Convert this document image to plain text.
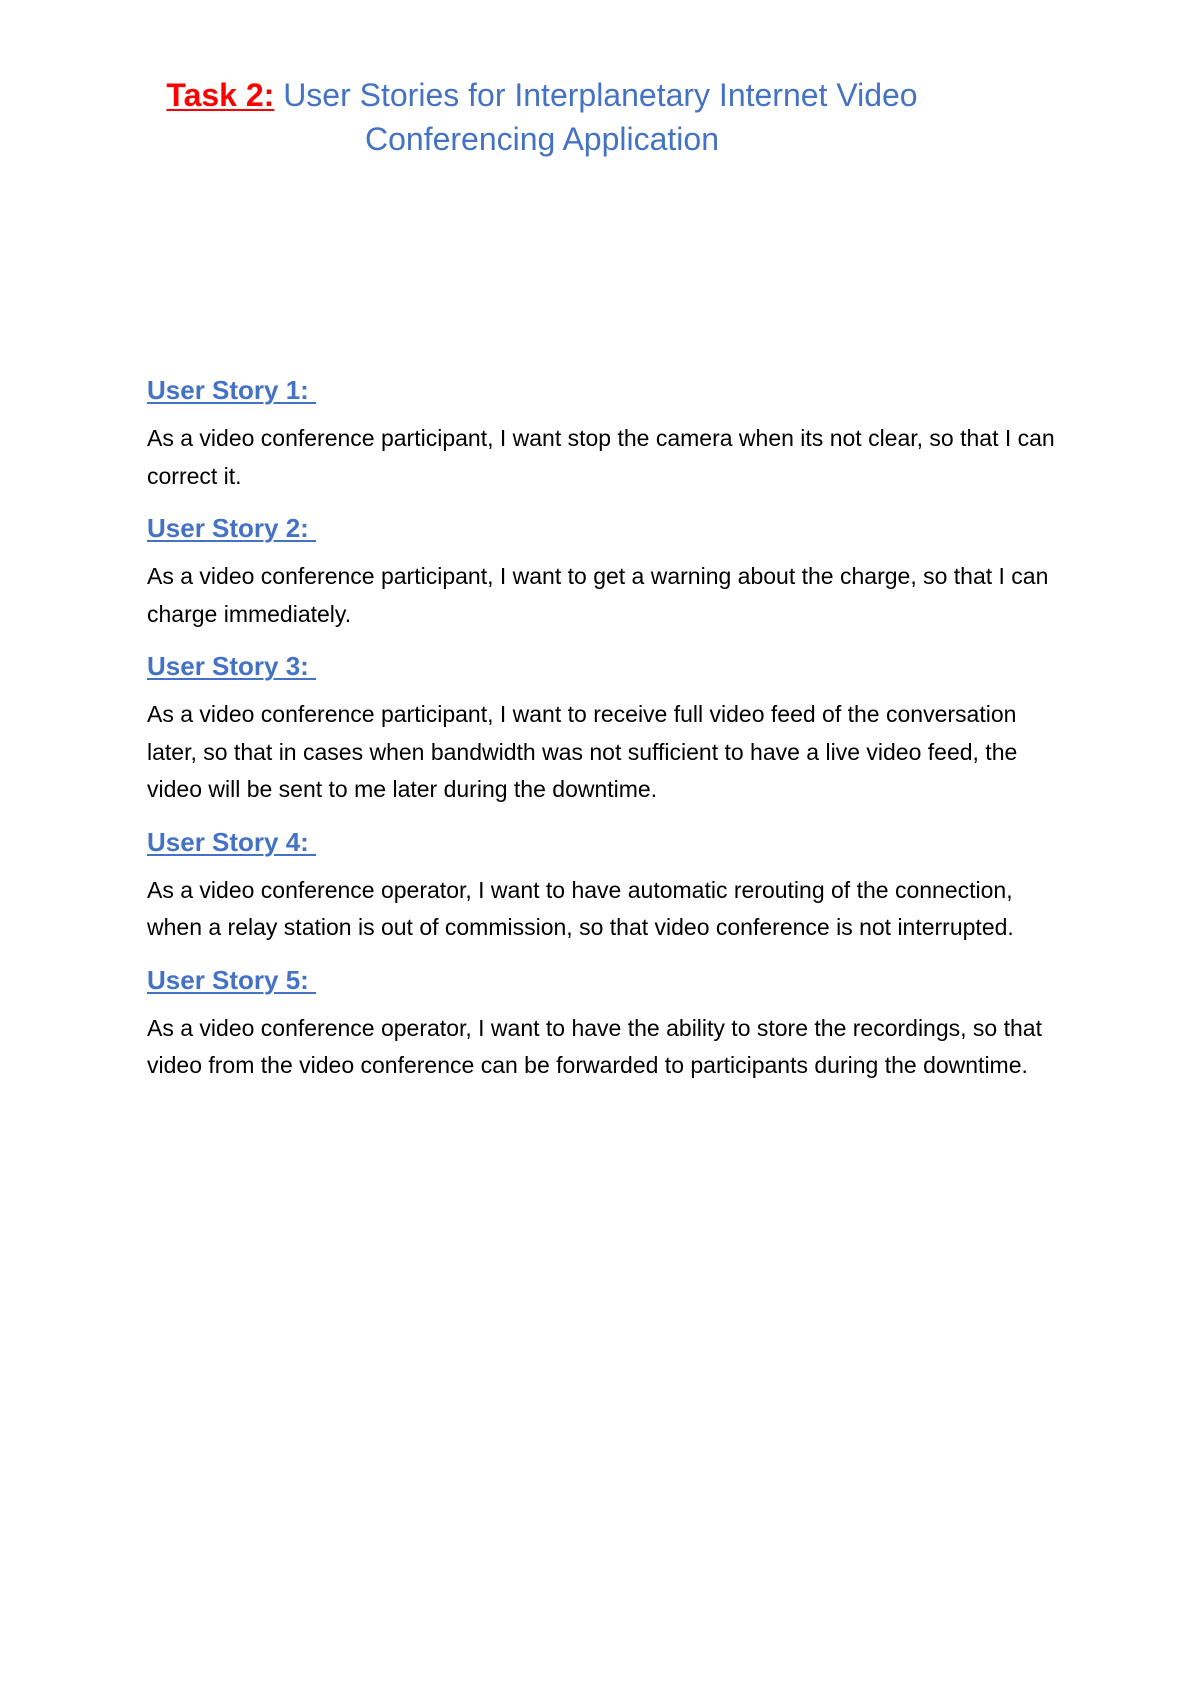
Task 2: User Stories for Interplanetary Internet Video Conferencing Application
User Story 1:

As a video conference participant, I want stop the camera when its not clear, so that I can correct it.

User Story 2:

As a video conference participant, I want to get a warning about the charge, so that I can charge immediately.

User Story 3:

As a video conference participant, I want to receive full video feed of the conversation later, so that in cases when bandwidth was not sufficient to have a live video feed, the video will be sent to me later during the downtime.

User Story 4:

As a video conference operator, I want to have automatic rerouting of the connection, when a relay station is out of commission, so that video conference is not interrupted.

User Story 5:

As a video conference operator, I want to have the ability to store the recordings, so that video from the video conference can be forwarded to participants during the downtime.
